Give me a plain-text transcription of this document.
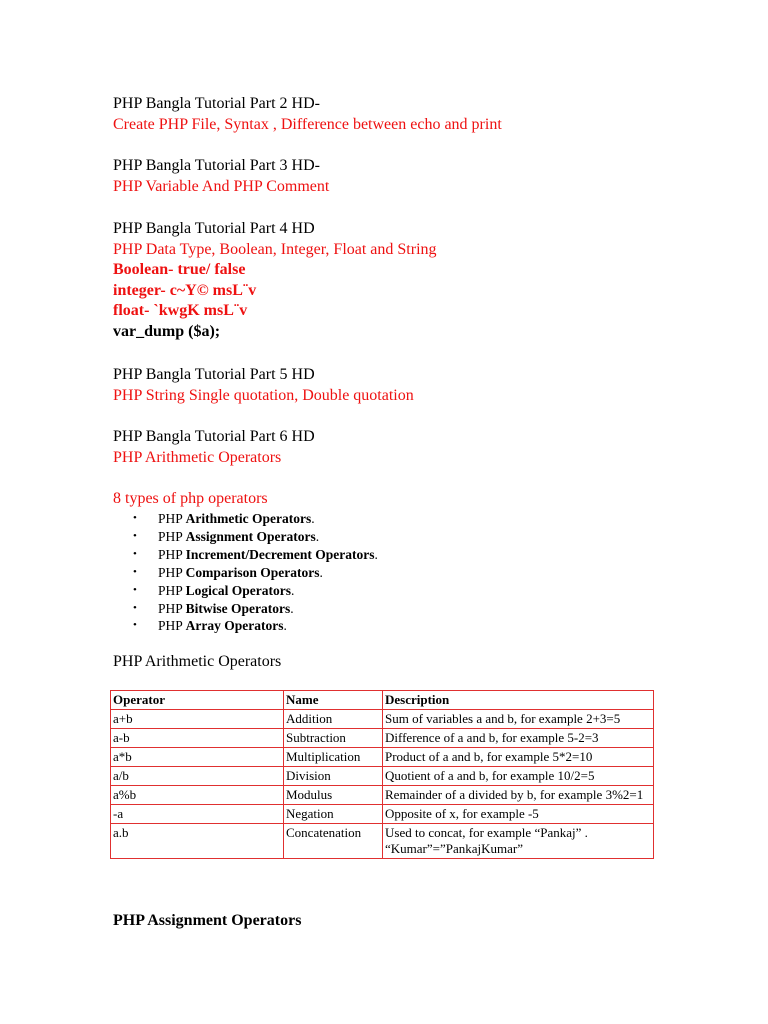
PHP Bangla Tutorial Part 2 HD-
Create PHP File, Syntax , Difference between echo and print
PHP Bangla Tutorial Part 3 HD-
PHP Variable And PHP Comment
PHP Bangla Tutorial Part 4 HD
PHP Data Type, Boolean, Integer, Float and String
Boolean- true/ false
integer- c~Y© msL¨v
float- `kwgK msL¨v
var_dump ($a);
PHP Bangla Tutorial Part 5 HD
PHP String Single quotation, Double quotation
PHP Bangla Tutorial Part 6 HD
PHP Arithmetic Operators
8 types of php operators
• PHP Arithmetic Operators.
• PHP Assignment Operators.
• PHP Increment/Decrement Operators.
• PHP Comparison Operators.
• PHP Logical Operators.
• PHP Bitwise Operators.
• PHP Array Operators.
PHP Arithmetic Operators
Operator	Name	Description
a+b	Addition	Sum of variables a and b, for example 2+3=5
a-b	Subtraction	Difference of a and b, for example 5-2=3
a*b	Multiplication	Product of a and b, for example 5*2=10
a/b	Division	Quotient of a and b, for example 10/2=5
a%b	Modulus	Remainder of a divided by b, for example 3%2=1
-a	Negation	Opposite of x, for example -5
a.b	Concatenation	Used to concat, for example “Pankaj” . “Kumar”=”PankajKumar”
PHP Assignment Operators
